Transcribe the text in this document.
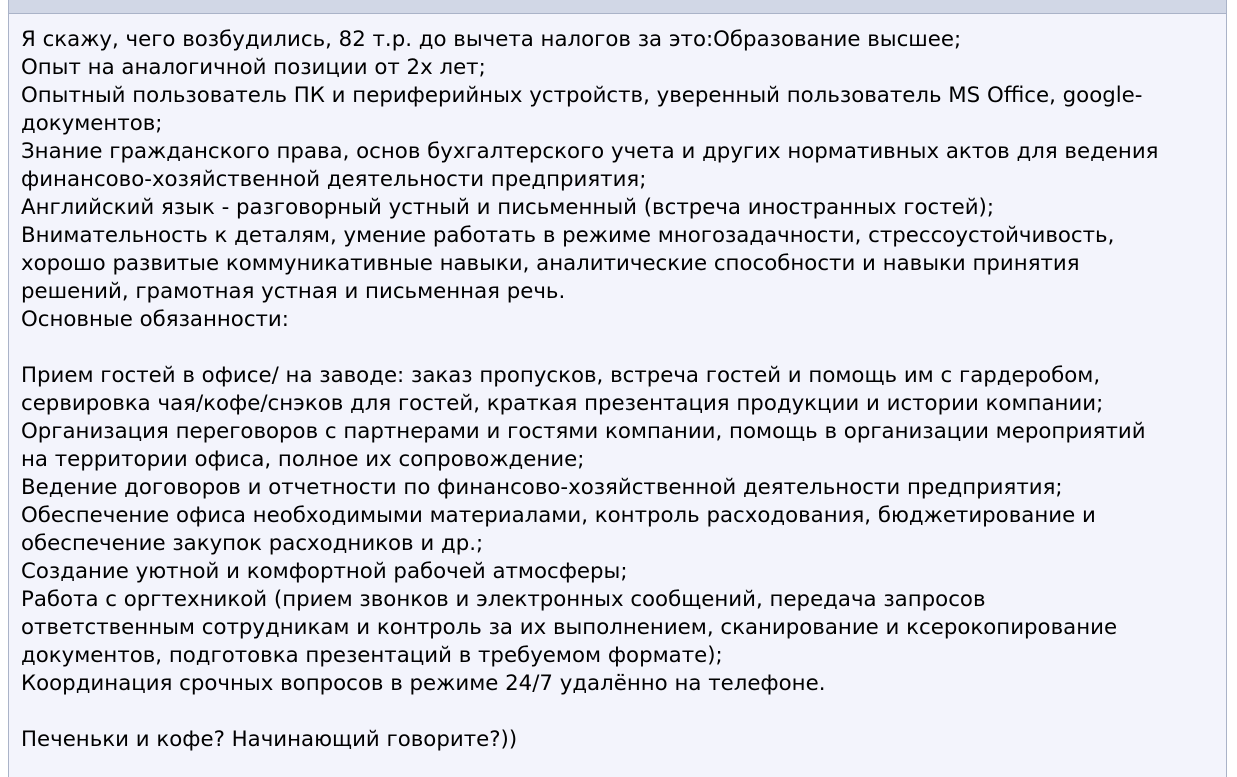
Я скажу, чего возбудились, 82 т.р. до вычета налогов за это:Образование высшее;
Опыт на аналогичной позиции от 2х лет;
Опытный пользователь ПК и периферийных устройств, уверенный пользователь MS Office, google-
документов;
Знание гражданского права, основ бухгалтерского учета и других нормативных актов для ведения
финансово-хозяйственной деятельности предприятия;
Английский язык - разговорный устный и письменный (встреча иностранных гостей);
Внимательность к деталям, умение работать в режиме многозадачности, стрессоустойчивость,
хорошо развитые коммуникативные навыки, аналитические способности и навыки принятия
решений, грамотная устная и письменная речь.
Основные обязанности:
Прием гостей в офисе/ на заводе: заказ пропусков, встреча гостей и помощь им с гардеробом,
сервировка чая/кофе/снэков для гостей, краткая презентация продукции и истории компании;
Организация переговоров с партнерами и гостями компании, помощь в организации мероприятий
на территории офиса, полное их сопровождение;
Ведение договоров и отчетности по финансово-хозяйственной деятельности предприятия;
Обеспечение офиса необходимыми материалами, контроль расходования, бюджетирование и
обеспечение закупок расходников и др.;
Создание уютной и комфортной рабочей атмосферы;
Работа с оргтехникой (прием звонков и электронных сообщений, передача запросов
ответственным сотрудникам и контроль за их выполнением, сканирование и ксерокопирование
документов, подготовка презентаций в требуемом формате);
Координация срочных вопросов в режиме 24/7 удалённо на телефоне.
Печеньки и кофе? Начинающий говорите?))
